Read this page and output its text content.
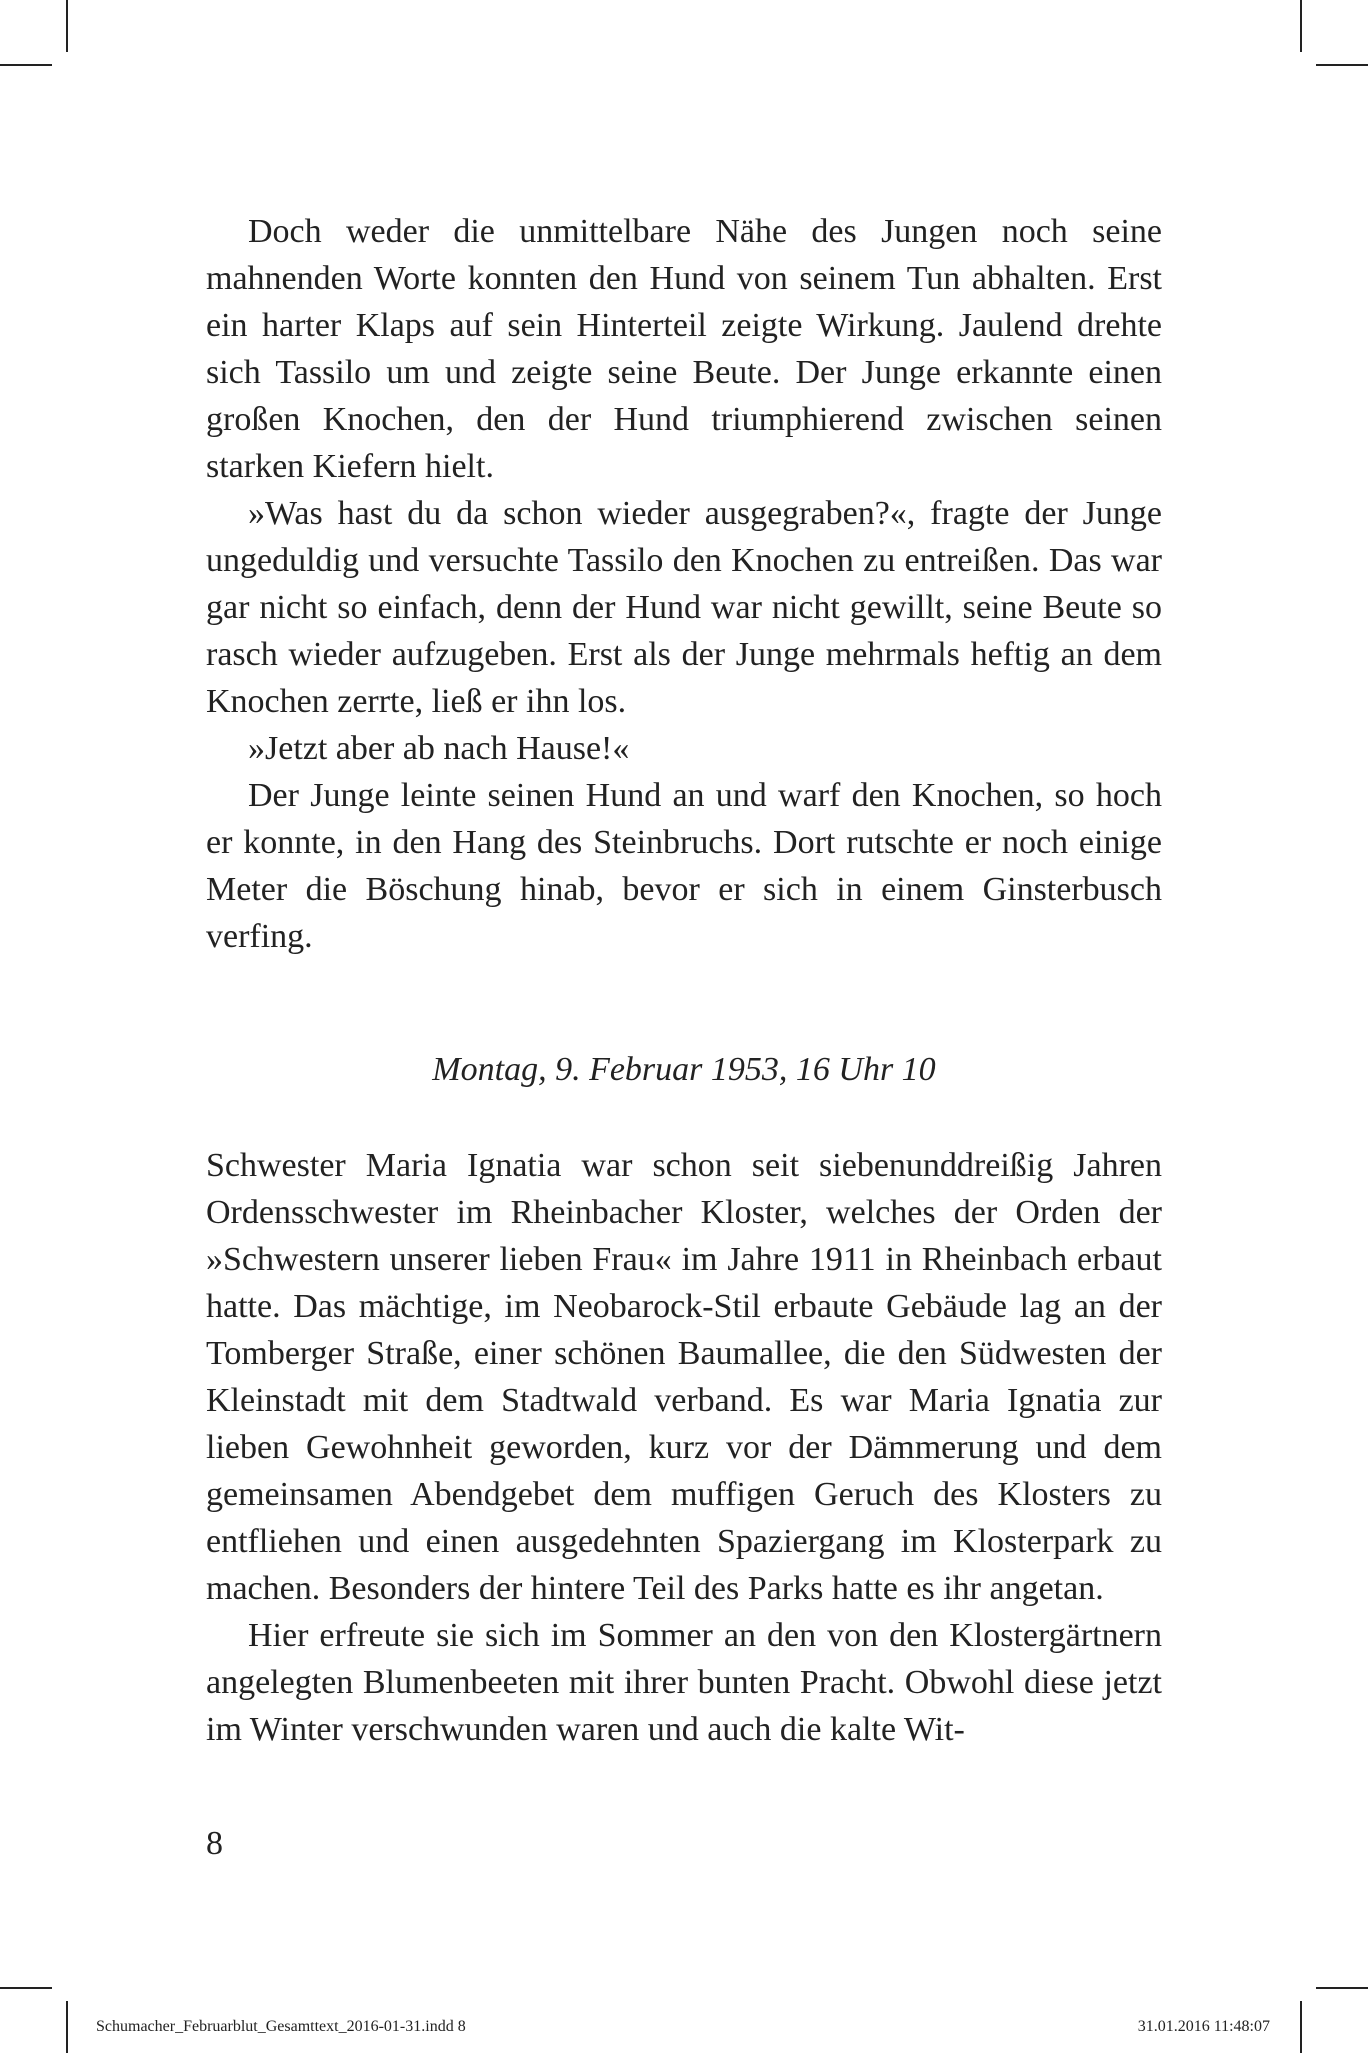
Doch weder die unmittelbare Nähe des Jungen noch seine mahnenden Worte konnten den Hund von seinem Tun abhalten. Erst ein harter Klaps auf sein Hinterteil zeigte Wirkung. Jaulend drehte sich Tassilo um und zeigte seine Beute. Der Junge erkannte einen großen Knochen, den der Hund triumphierend zwischen seinen starken Kiefern hielt.

»Was hast du da schon wieder ausgegraben?«, fragte der Junge ungeduldig und versuchte Tassilo den Knochen zu entreißen. Das war gar nicht so einfach, denn der Hund war nicht gewillt, seine Beute so rasch wieder aufzugeben. Erst als der Junge mehrmals heftig an dem Knochen zerrte, ließ er ihn los.

»Jetzt aber ab nach Hause!«

Der Junge leinte seinen Hund an und warf den Knochen, so hoch er konnte, in den Hang des Steinbruchs. Dort rutschte er noch einige Meter die Böschung hinab, bevor er sich in einem Ginsterbusch verfing.

Montag, 9. Februar 1953, 16 Uhr 10

Schwester Maria Ignatia war schon seit siebenunddreißig Jahren Ordensschwester im Rheinbacher Kloster, welches der Orden der »Schwestern unserer lieben Frau« im Jahre 1911 in Rheinbach erbaut hatte. Das mächtige, im Neobarock-Stil erbaute Gebäude lag an der Tomberger Straße, einer schönen Baumallee, die den Südwesten der Kleinstadt mit dem Stadtwald verband. Es war Maria Ignatia zur lieben Gewohnheit geworden, kurz vor der Dämmerung und dem gemeinsamen Abendgebet dem muffigen Geruch des Klosters zu entfliehen und einen ausgedehnten Spaziergang im Klosterpark zu machen. Besonders der hintere Teil des Parks hatte es ihr angetan.

Hier erfreute sie sich im Sommer an den von den Klostergärtnern angelegten Blumenbeeten mit ihrer bunten Pracht. Obwohl diese jetzt im Winter verschwunden waren und auch die kalte Wit-

8
Schumacher_Februarblut_Gesamttext_2016-01-31.indd 8	31.01.2016 11:48:07
